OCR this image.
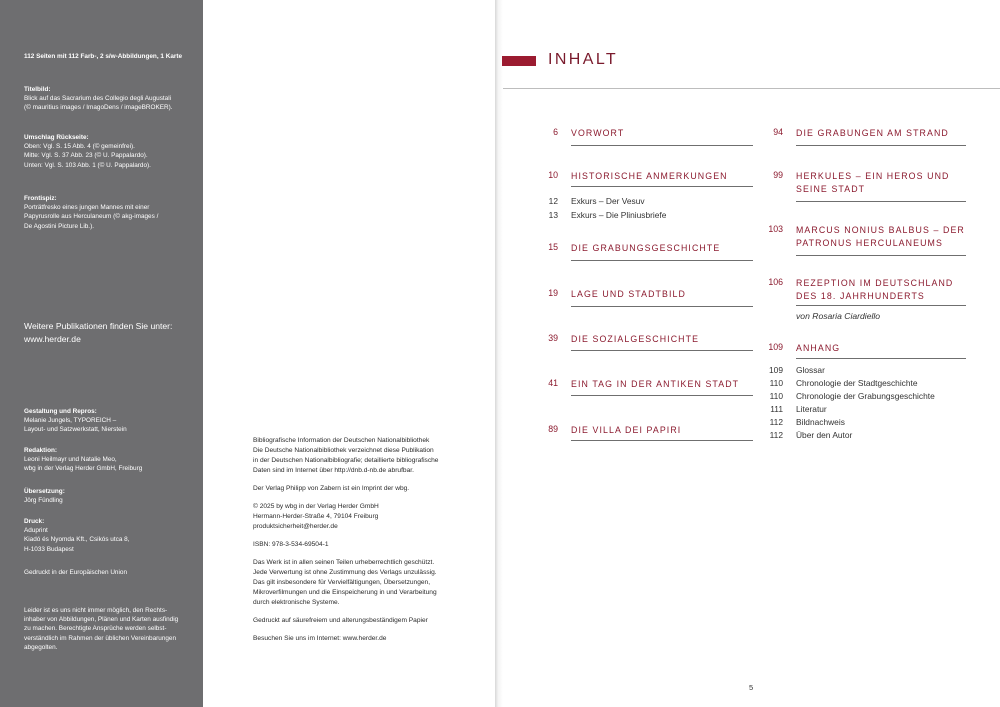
112 Seiten mit 112 Farb-, 2 s/w-Abbildungen, 1 Karte
Titelbild:
Blick auf das Sacrarium des Collegio degli Augustali
(© mauritius images / ImagoDens / imageBROKER).
Umschlag Rückseite:
Oben: Vgl. S. 15 Abb. 4 (© gemeinfrei).
Mitte: Vgl. S. 37 Abb. 23 (© U. Pappalardo).
Unten: Vgl. S. 103 Abb. 1 (© U. Pappalardo).
Frontispiz:
Porträtfresko eines jungen Mannes mit einer
Papyrusrolle aus Herculaneum (© akg-images /
De Agostini Picture Lib.).
Weitere Publikationen finden Sie unter:
www.herder.de
Gestaltung und Repros:
Melanie Jungels, TYPOREICH –
Layout- und Satzwerkstatt, Nierstein
Redaktion:
Leoni Heilmayr und Natalie Meo,
wbg in der Verlag Herder GmbH, Freiburg
Übersetzung:
Jörg Fündling
Druck:
Aduprint
Kiadó és Nyomda Kft., Csikós utca 8,
H-1033 Budapest
Gedruckt in der Europäischen Union
Leider ist es uns nicht immer möglich, den Rechts-
inhaber von Abbildungen, Plänen und Karten ausfindig
zu machen. Berechtigte Ansprüche werden selbst-
verständlich im Rahmen der üblichen Vereinbarungen
abgegolten.
Bibliografische Information der Deutschen Nationalbibliothek
Die Deutsche Nationalbibliothek verzeichnet diese Publikation
in der Deutschen Nationalbibliografie; detaillierte bibliografische
Daten sind im Internet über http://dnb.d-nb.de abrufbar.
Der Verlag Philipp von Zabern ist ein Imprint der wbg.
© 2025 by wbg in der Verlag Herder GmbH
Hermann-Herder-Straße 4, 79104 Freiburg
produktsicherheit@herder.de
ISBN: 978-3-534-69504-1
Das Werk ist in allen seinen Teilen urheberrechtlich geschützt.
Jede Verwertung ist ohne Zustimmung des Verlags unzulässig.
Das gilt insbesondere für Vervielfältigungen, Übersetzungen,
Mikroverfilmungen und die Einspeicherung in und Verarbeitung
durch elektronische Systeme.
Gedruckt auf säurefreiem und alterungsbeständigem Papier
Besuchen Sie uns im Internet: www.herder.de
INHALT
6 VORWORT
10 HISTORISCHE ANMERKUNGEN
12 Exkurs – Der Vesuv
13 Exkurs – Die Pliniusbriefe
15 DIE GRABUNGSGESCHICHTE
19 LAGE UND STADTBILD
39 DIE SOZIALGESCHICHTE
41 EIN TAG IN DER ANTIKEN STADT
89 DIE VILLA DEI PAPIRI
94 DIE GRABUNGEN AM STRAND
99 HERKULES – EIN HEROS UND
SEINE STADT
103 MARCUS NONIUS BALBUS – DER
PATRONUS HERCULANEUMS
106 REZEPTION IM DEUTSCHLAND
DES 18. JAHRHUNDERTS
von Rosaria Ciardiello
109 ANHANG
109 Glossar
110 Chronologie der Stadtgeschichte
110 Chronologie der Grabungsgeschichte
111 Literatur
112 Bildnachweis
112 Über den Autor
5
